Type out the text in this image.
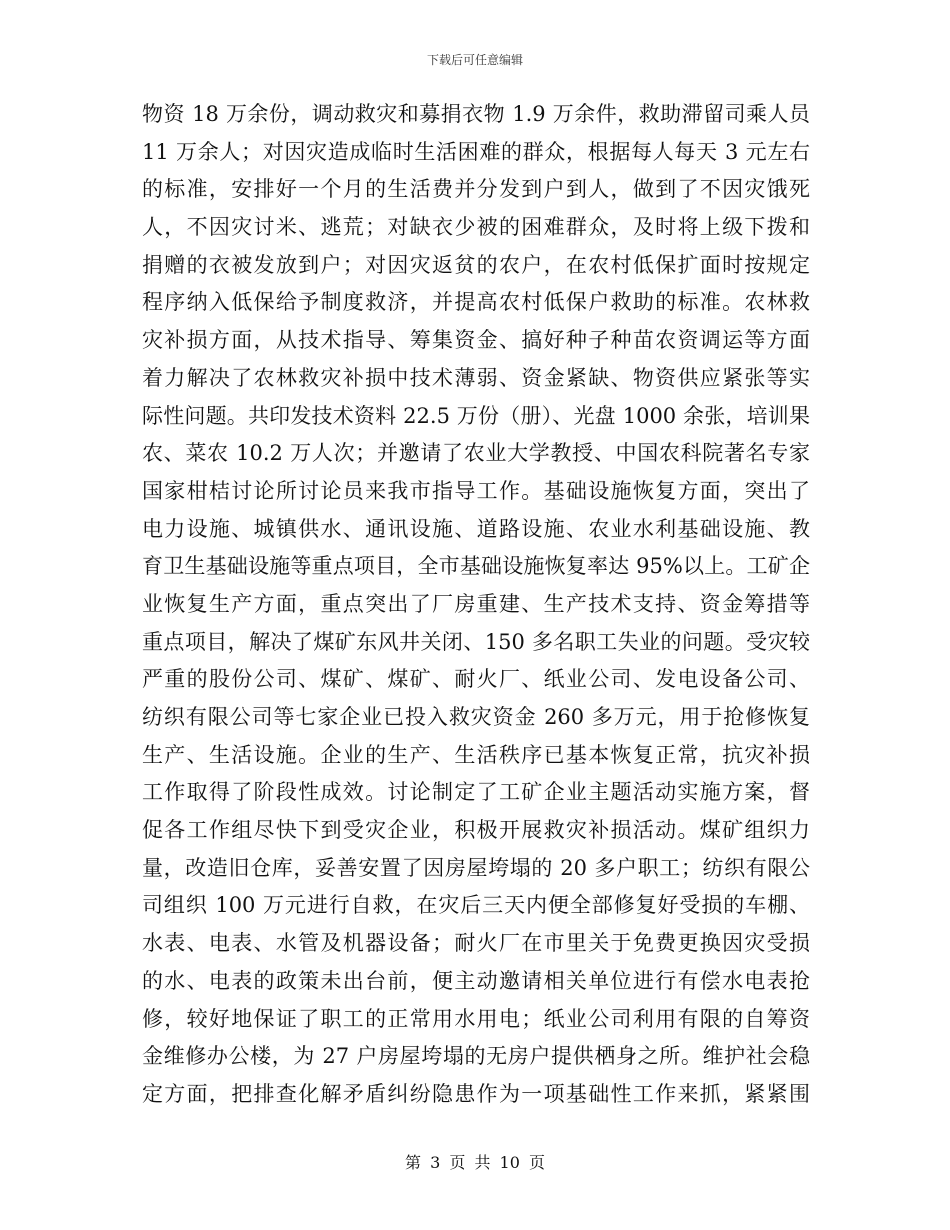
下载后可任意编辑
物资 18 万余份，调动救灾和募捐衣物 1.9 万余件，救助滞留司乘人员
11 万余人；对因灾造成临时生活困难的群众，根据每人每天 3 元左右
的标准，安排好一个月的生活费并分发到户到人，做到了不因灾饿死
人，不因灾讨米、逃荒；对缺衣少被的困难群众，及时将上级下拨和
捐赠的衣被发放到户；对因灾返贫的农户，在农村低保扩面时按规定
程序纳入低保给予制度救济，并提高农村低保户救助的标准。农林救
灾补损方面，从技术指导、筹集资金、搞好种子种苗农资调运等方面
着力解决了农林救灾补损中技术薄弱、资金紧缺、物资供应紧张等实
际性问题。共印发技术资料 22.5 万份（册）、光盘 1000 余张，培训果
农、菜农 10.2 万人次；并邀请了农业大学教授、中国农科院著名专家
国家柑桔讨论所讨论员来我市指导工作。基础设施恢复方面，突出了
电力设施、城镇供水、通讯设施、道路设施、农业水利基础设施、教
育卫生基础设施等重点项目，全市基础设施恢复率达 95%以上。工矿企
业恢复生产方面，重点突出了厂房重建、生产技术支持、资金筹措等
重点项目，解决了煤矿东风井关闭、150 多名职工失业的问题。受灾较
严重的股份公司、煤矿、煤矿、耐火厂、纸业公司、发电设备公司、
纺织有限公司等七家企业已投入救灾资金 260 多万元，用于抢修恢复
生产、生活设施。企业的生产、生活秩序已基本恢复正常，抗灾补损
工作取得了阶段性成效。讨论制定了工矿企业主题活动实施方案，督
促各工作组尽快下到受灾企业，积极开展救灾补损活动。煤矿组织力
量，改造旧仓库，妥善安置了因房屋垮塌的 20 多户职工；纺织有限公
司组织 100 万元进行自救，在灾后三天内便全部修复好受损的车棚、
水表、电表、水管及机器设备；耐火厂在市里关于免费更换因灾受损
的水、电表的政策未出台前，便主动邀请相关单位进行有偿水电表抢
修，较好地保证了职工的正常用水用电；纸业公司利用有限的自筹资
金维修办公楼，为 27 户房屋垮塌的无房户提供栖身之所。维护社会稳
定方面，把排查化解矛盾纠纷隐患作为一项基础性工作来抓，紧紧围
第 3 页 共 10 页
